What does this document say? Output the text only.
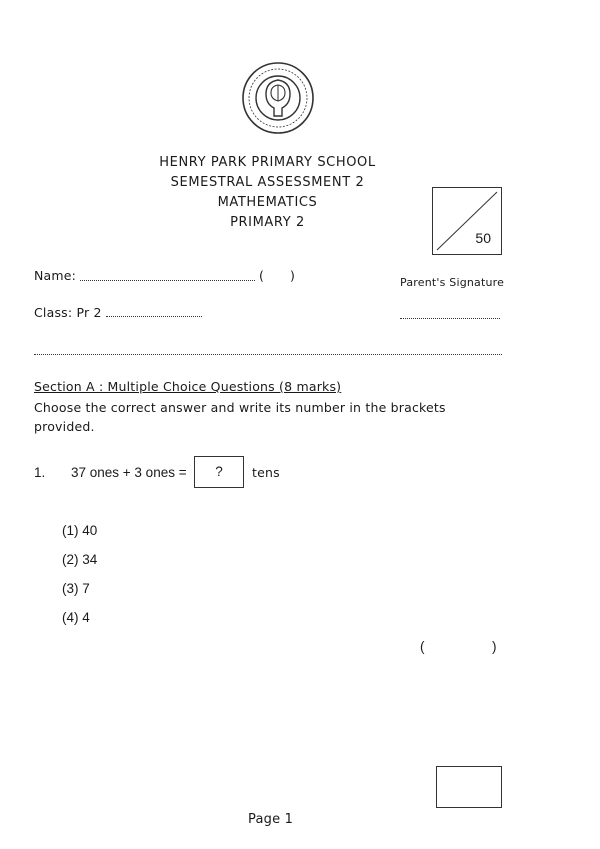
HENRY PARK PRIMARY SCHOOL
SEMESTRAL ASSESSMENT 2
MATHEMATICS
PRIMARY 2
50
Name:	( )	Parent's Signature
Class: Pr 2
Section A : Multiple Choice Questions (8 marks)
Choose the correct answer and write its number in the brackets provided.
1. 37 ones + 3 ones =	?	tens
(1) 40
(2) 34
(3) 7
(4) 4
(	)
Page 1
